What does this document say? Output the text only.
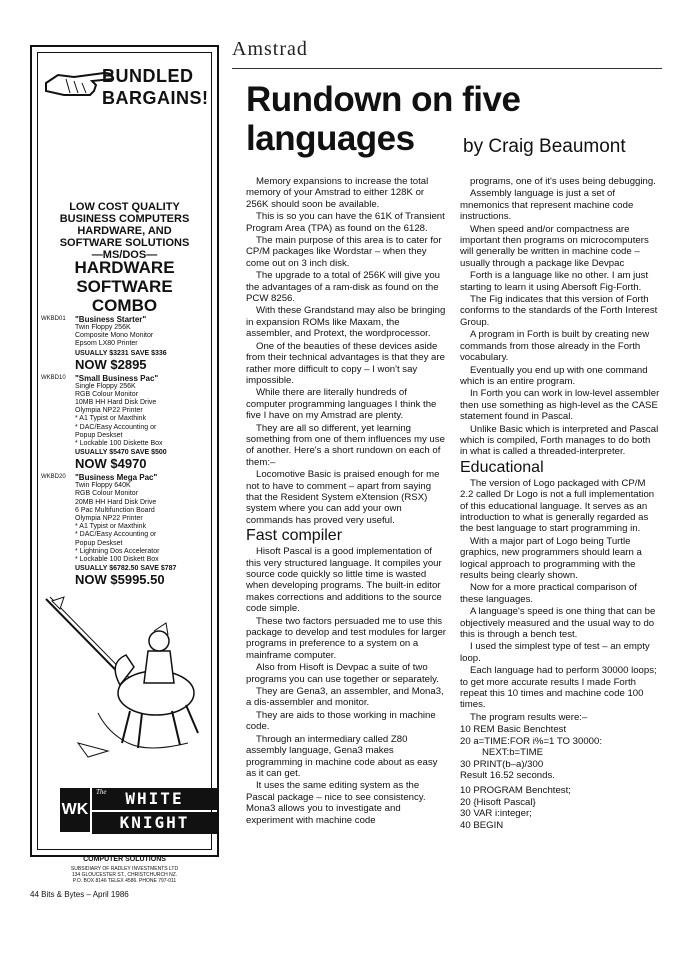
BUNDLED
BARGAINS!
LOW COST QUALITY
BUSINESS COMPUTERS
HARDWARE, AND
SOFTWARE SOLUTIONS
—MS/DOS—
HARDWARE
SOFTWARE
COMBO
WKBD01 "Business Starter"
Twin Floppy 256K
Composite Mono Monitor
Epsom LX80 Printer
USUALLY $3231 SAVE $336
NOW $2895
WKBD10 "Small Business Pac"
Single Floppy 256K
RGB Colour Monitor
10MB HH Hard Disk Drive
Olympia NP22 Printer
* A1 Typist or Maxthink
* DAC/Easy Accounting or
Popup Deskset
* Lockable 100 Diskette Box
USUALLY $5470 SAVE $500
NOW $4970
WKBD20 "Business Mega Pac"
Twin Floppy 640K
RGB Colour Monitor
20MB HH Hard Disk Drive
6 Pac Multifunction Board
Olympia NP22 Printer
* A1 Typist or Maxthink
* DAC/Easy Accounting or
Popup Deskset
* Lightning Dos Accelerator
* Lockable 100 Diskett Box
USUALLY $6782.50 SAVE $787
NOW $5995.50
WK
The	WHITE
KNIGHT
COMPUTER SOLUTIONS
SUBSIDIARY OF RADLEY INVESTMENTS LTD
134 GLOUCESTER ST., CHRISTCHURCH NZ.
P.O. BOX 8146 TELEX 4586. PHONE 797-011
44 Bits & Bytes – April 1986
Amstrad
Rundown on five
languages	by Craig Beaumont

Memory expansions to increase the total memory of your Amstrad to either 128K or 256K should soon be available.

This is so you can have the 61K of Transient Program Area (TPA) as found on the 6128.

The main purpose of this area is to cater for CP/M packages like Wordstar – when they come out on 3 inch disk.

The upgrade to a total of 256K will give you the advantages of a ram-disk as found on the PCW 8256.

With these Grandstand may also be bringing in expansion ROMs like Maxam, the assembler, and Protext, the wordprocessor.

One of the beauties of these devices aside from their technical advantages is that they are rather more difficult to copy – I won't say impossible.

While there are literally hundreds of computer programming languages I think the five I have on my Amstrad are plenty.

They are all so different, yet learning something from one of them influences my use of another. Here's a short rundown on each of them:–

Locomotive Basic is praised enough for me not to have to comment – apart from saying that the Resident System eXtension (RSX) system where you can add your own commands has proved very useful.

Fast compiler

Hisoft Pascal is a good implementation of this very structured language. It compiles your source code quickly so little time is wasted when developing programs. The built-in editor makes corrections and additions to the source code simple.

These two factors persuaded me to use this package to develop and test modules for larger programs in preference to a system on a mainframe computer.

Also from Hisoft is Devpac a suite of two programs you can use together or separately.

They are Gena3, an assembler, and Mona3, a dis-assembler and monitor.

They are aids to those working in machine code.

Through an intermediary called Z80 assembly language, Gena3 makes programming in machine code about as easy as it can get.

It uses the same editing system as the Pascal package – nice to see consistency. Mona3 allows you to investigate and experiment with machine code

programs, one of it's uses being debugging.

Assembly language is just a set of mnemonics that represent machine code instructions.

When speed and/or compactness are important then programs on microcomputers will generally be written in machine code – usually through a package like Devpac

Forth is a language like no other. I am just starting to learn it using Abersoft Fig-Forth.

The Fig indicates that this version of Forth conforms to the standards of the Forth Interest Group.

A program in Forth is built by creating new commands from those already in the Forth vocabulary.

Eventually you end up with one command which is an entire program.

In Forth you can work in low-level assembler then use something as high-level as the CASE statement found in Pascal.

Unlike Basic which is interpreted and Pascal which is compiled, Forth manages to do both in what is called a threaded-interpreter.

Educational

The version of Logo packaged with CP/M 2.2 called Dr Logo is not a full implementation of this educational language. It serves as an introduction to what is generally regarded as the best language to start programming in.

With a major part of Logo being Turtle graphics, new programmers should learn a logical approach to programming with the results being clearly shown.

Now for a more practical comparison of these languages.

A language's speed is one thing that can be objectively measured and the usual way to do this is through a bench test.

I used the simplest type of test – an empty loop.

Each language had to perform 30000 loops; to get more accurate results I made Forth repeat this 10 times and machine code 100 times.

The program results were:–

10 REM Basic Benchtest
20 a=TIME:FOR i%=1 TO 30000:
NEXT:b=TIME
30 PRINT(b–a)/300
Result 16.52 seconds.
10 PROGRAM Benchtest;
20 {Hisoft Pascal}
30 VAR i:integer;
40 BEGIN
